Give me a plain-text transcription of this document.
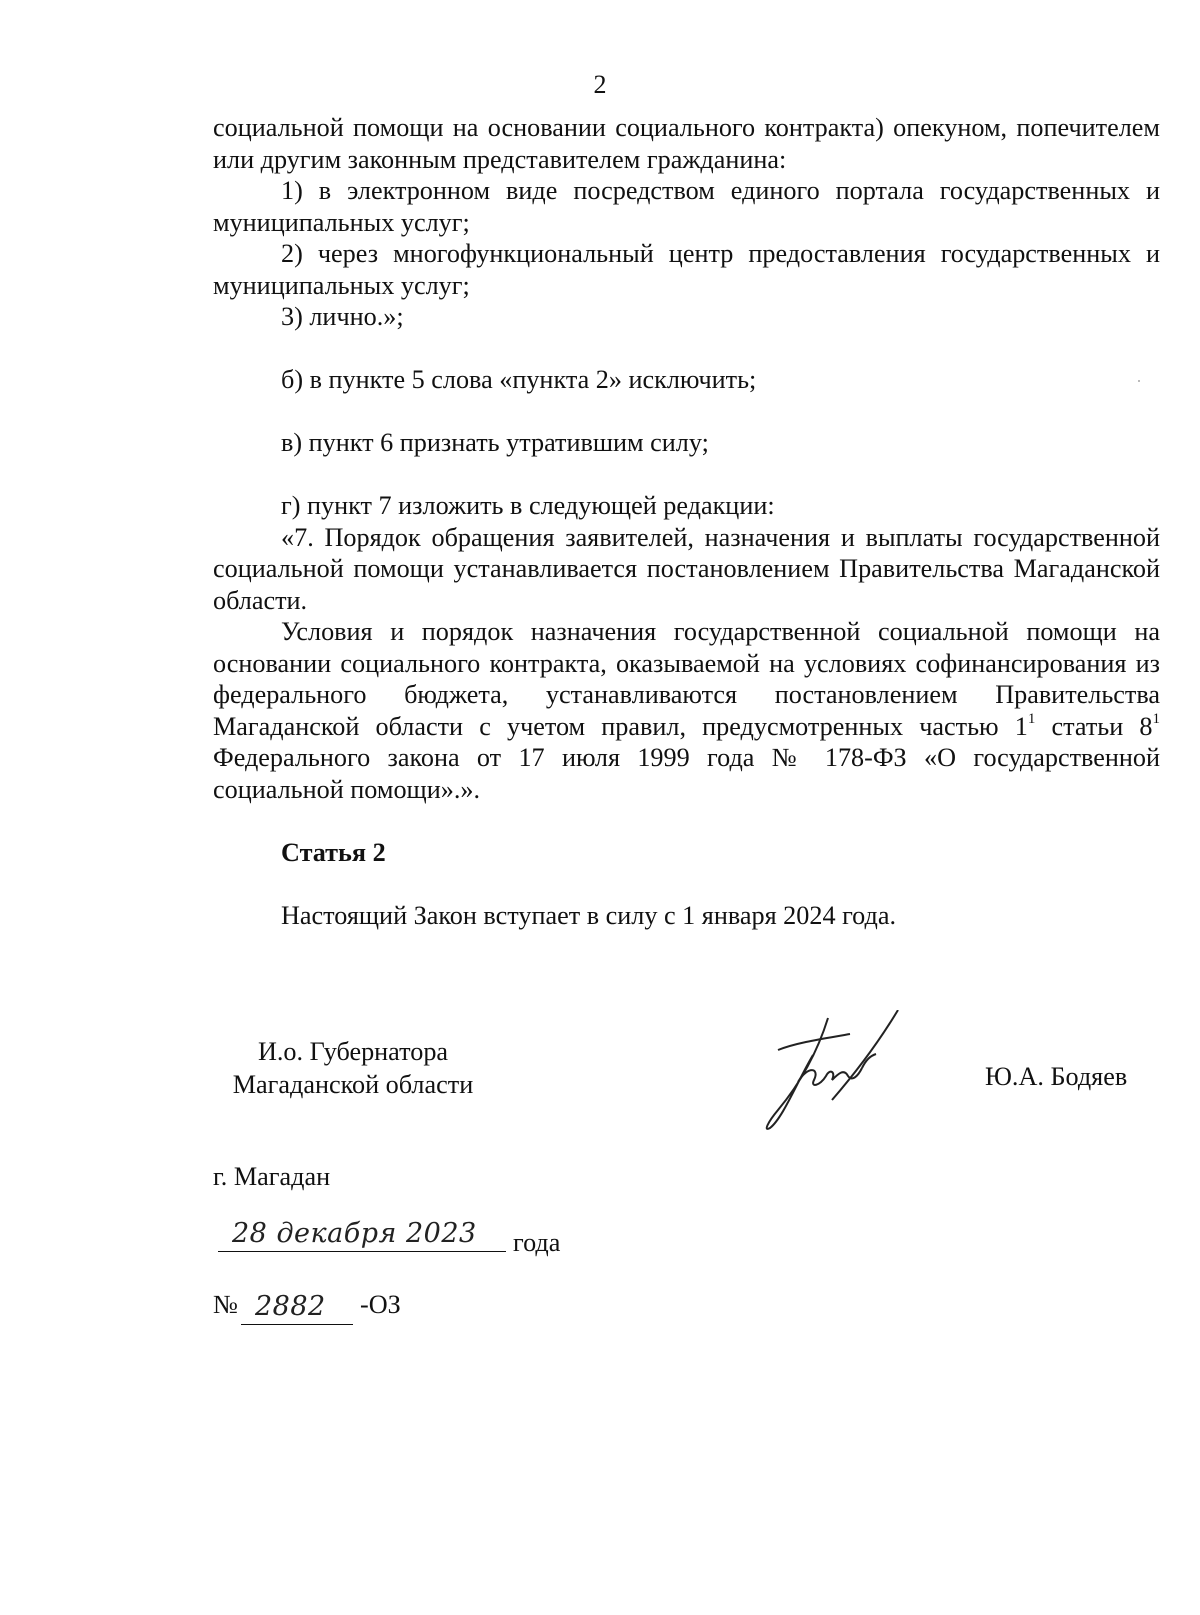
2

социальной помощи на основании социального контракта) опекуном, попечителем или другим законным представителем гражданина:

1) в электронном виде посредством единого портала государственных и муниципальных услуг;

2) через многофункциональный центр предоставления государственных и муниципальных услуг;

3) лично.»;

б) в пункте 5 слова «пункта 2» исключить;

в) пункт 6 признать утратившим силу;

г) пункт 7 изложить в следующей редакции:

«7. Порядок обращения заявителей, назначения и выплаты государственной социальной помощи устанавливается постановлением Правительства Магаданской области.

Условия и порядок назначения государственной социальной помощи на основании социального контракта, оказываемой на условиях софинансирования из федерального бюджета, устанавливаются постановлением Правительства Магаданской области с учетом правил, предусмотренных частью $1^1$ статьи $8^1$ Федерального закона от 17 июля 1999 года № 178-ФЗ «О государственной социальной помощи».».

Статья 2

Настоящий Закон вступает в силу с 1 января 2024 года.

И.о. Губернатора
Магаданской области	Ю.А. Бодяев
г. Магадан
28 декабря 2023 года
№ 2882 -ОЗ
